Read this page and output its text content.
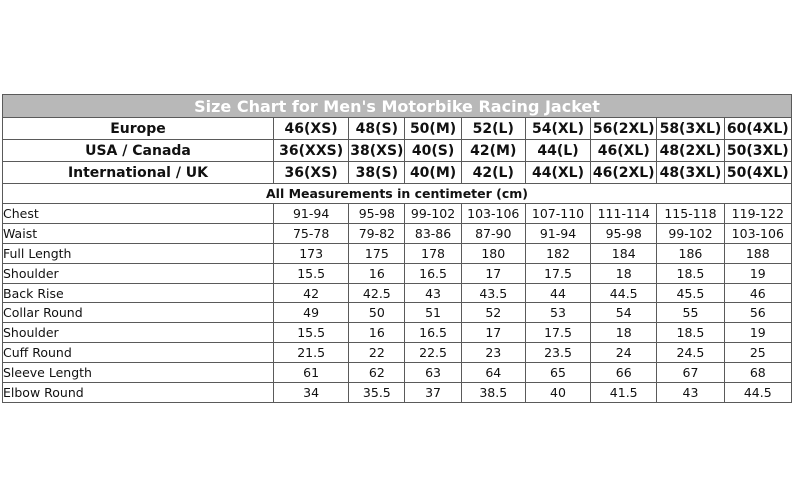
Size Chart for Men's Motorbike Racing Jacket								
Europe	46(XS)	48(S)	50(M)	52(L)	54(XL)	56(2XL)	58(3XL)	60(4XL)
USA / Canada	36(XXS)	38(XS)	40(S)	42(M)	44(L)	46(XL)	48(2XL)	50(3XL)
International / UK	36(XS)	38(S)	40(M)	42(L)	44(XL)	46(2XL)	48(3XL)	50(4XL)
All Measurements in centimeter (cm)								
Chest	91-94	95-98	99-102	103-106	107-110	111-114	115-118	119-122
Waist	75-78	79-82	83-86	87-90	91-94	95-98	99-102	103-106
Full Length	173	175	178	180	182	184	186	188
Shoulder	15.5	16	16.5	17	17.5	18	18.5	19
Back Rise	42	42.5	43	43.5	44	44.5	45.5	46
Collar Round	49	50	51	52	53	54	55	56
Shoulder	15.5	16	16.5	17	17.5	18	18.5	19
Cuff Round	21.5	22	22.5	23	23.5	24	24.5	25
Sleeve Length	61	62	63	64	65	66	67	68
Elbow Round	34	35.5	37	38.5	40	41.5	43	44.5
